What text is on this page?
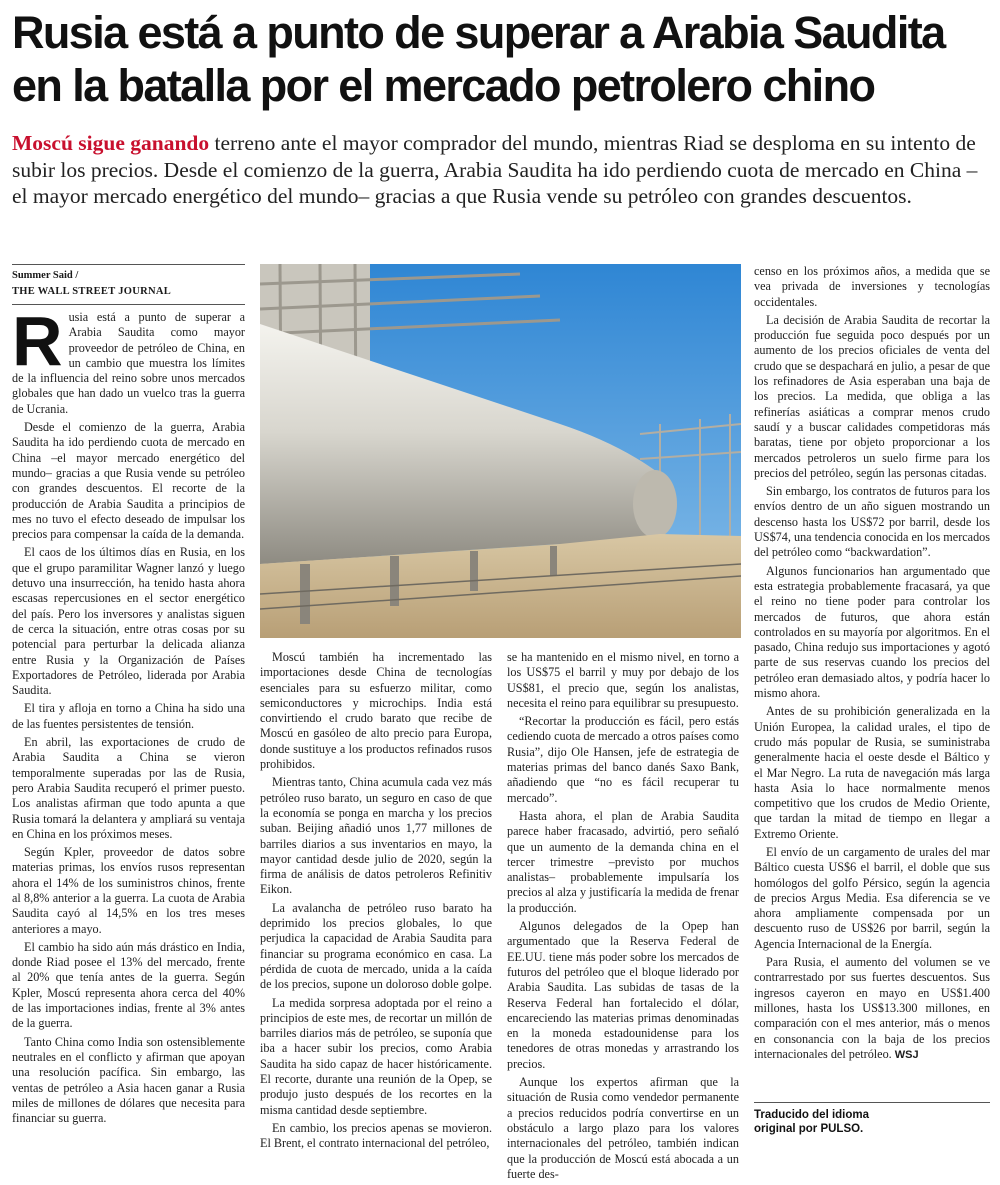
Rusia está a punto de superar a Arabia Saudita en la batalla por el mercado petrolero chino

Moscú sigue ganando terreno ante el mayor comprador del mundo, mientras Riad se desploma en su intento de subir los precios. Desde el comienzo de la guerra, Arabia Saudita ha ido perdiendo cuota de mercado en China –el mayor mercado energético del mundo– gracias a que Rusia vende su petróleo con grandes descuentos.

Summer Said /
THE WALL STREET JOURNAL

Rusia está a punto de superar a Arabia Saudita como mayor proveedor de petróleo de China, en un cambio que muestra los límites de la influencia del reino sobre unos mercados globales que han dado un vuelco tras la guerra de Ucrania.

Desde el comienzo de la guerra, Arabia Saudita ha ido perdiendo cuota de mercado en China –el mayor mercado energético del mundo– gracias a que Rusia vende su petróleo con grandes descuentos. El recorte de la producción de Arabia Saudita a principios de mes no tuvo el efecto deseado de impulsar los precios para compensar la caída de la demanda.

El caos de los últimos días en Rusia, en los que el grupo paramilitar Wagner lanzó y luego detuvo una insurrección, ha tenido hasta ahora escasas repercusiones en el sector energético del país. Pero los inversores y analistas siguen de cerca la situación, entre otras cosas por su potencial para perturbar la delicada alianza entre Rusia y la Organización de Países Exportadores de Petróleo, liderada por Arabia Saudita.

El tira y afloja en torno a China ha sido una de las fuentes persistentes de tensión.

En abril, las exportaciones de crudo de Arabia Saudita a China se vieron temporalmente superadas por las de Rusia, pero Arabia Saudita recuperó el primer puesto. Los analistas afirman que todo apunta a que Rusia tomará la delantera y ampliará su ventaja en China en los próximos meses.

Según Kpler, proveedor de datos sobre materias primas, los envíos rusos representan ahora el 14% de los suministros chinos, frente al 8,8% anterior a la guerra. La cuota de Arabia Saudita cayó al 14,5% en los tres meses anteriores a mayo.

El cambio ha sido aún más drástico en India, donde Riad posee el 13% del mercado, frente al 20% que tenía antes de la guerra. Según Kpler, Moscú representa ahora cerca del 40% de las importaciones indias, frente al 3% antes de la guerra.

Tanto China como India son ostensiblemente neutrales en el conflicto y afirman que apoyan una resolución pacífica. Sin embargo, las ventas de petróleo a Asia hacen ganar a Rusia miles de millones de dólares que necesita para financiar su guerra.

Moscú también ha incrementado las importaciones desde China de tecnologías esenciales para su esfuerzo militar, como semiconductores y microchips. India está convirtiendo el crudo barato que recibe de Moscú en gasóleo de alto precio para Europa, donde sustituye a los productos refinados rusos prohibidos.

Mientras tanto, China acumula cada vez más petróleo ruso barato, un seguro en caso de que la economía se ponga en marcha y los precios suban. Beijing añadió unos 1,77 millones de barriles diarios a sus inventarios en mayo, la mayor cantidad desde julio de 2020, según la firma de análisis de datos petroleros Refinitiv Eikon.

La avalancha de petróleo ruso barato ha deprimido los precios globales, lo que perjudica la capacidad de Arabia Saudita para financiar su programa económico en casa. La pérdida de cuota de mercado, unida a la caída de los precios, supone un doloroso doble golpe.

La medida sorpresa adoptada por el reino a principios de este mes, de recortar un millón de barriles diarios más de petróleo, se suponía que iba a hacer subir los precios, como Arabia Saudita ha sido capaz de hacer históricamente. El recorte, durante una reunión de la Opep, se produjo justo después de los recortes en la misma cantidad desde septiembre.

En cambio, los precios apenas se movieron. El Brent, el contrato internacional del petróleo,

se ha mantenido en el mismo nivel, en torno a los US$75 el barril y muy por debajo de los US$81, el precio que, según los analistas, necesita el reino para equilibrar su presupuesto.

“Recortar la producción es fácil, pero estás cediendo cuota de mercado a otros países como Rusia”, dijo Ole Hansen, jefe de estrategia de materias primas del banco danés Saxo Bank, añadiendo que “no es fácil recuperar tu mercado”.

Hasta ahora, el plan de Arabia Saudita parece haber fracasado, advirtió, pero señaló que un aumento de la demanda china en el tercer trimestre –previsto por muchos analistas– probablemente impulsaría los precios al alza y justificaría la medida de frenar la producción.

Algunos delegados de la Opep han argumentado que la Reserva Federal de EE.UU. tiene más poder sobre los mercados de futuros del petróleo que el bloque liderado por Arabia Saudita. Las subidas de tasas de la Reserva Federal han fortalecido el dólar, encareciendo las materias primas denominadas en la moneda estadounidense para los tenedores de otras monedas y arrastrando los precios.

Aunque los expertos afirman que la situación de Rusia como vendedor permanente a precios reducidos podría convertirse en un obstáculo a largo plazo para los valores internacionales del petróleo, también indican que la producción de Moscú está abocada a un fuerte des-

censo en los próximos años, a medida que se vea privada de inversiones y tecnologías occidentales.

La decisión de Arabia Saudita de recortar la producción fue seguida poco después por un aumento de los precios oficiales de venta del crudo que se despachará en julio, a pesar de que los refinadores de Asia esperaban una baja de los precios. La medida, que obliga a las refinerías asiáticas a comprar menos crudo saudí y a buscar calidades competidoras más baratas, tiene por objeto proporcionar a los mercados petroleros un suelo firme para los precios del petróleo, según las personas citadas.

Sin embargo, los contratos de futuros para los envíos dentro de un año siguen mostrando un descenso hasta los US$72 por barril, desde los US$74, una tendencia conocida en los mercados del petróleo como “backwardation”.

Algunos funcionarios han argumentado que esta estrategia probablemente fracasará, ya que el reino no tiene poder para controlar los mercados de futuros, que ahora están controlados en su mayoría por algoritmos. En el pasado, China redujo sus importaciones y agotó parte de sus reservas cuando los precios del petróleo eran demasiado altos, y podría hacer lo mismo ahora.

Antes de su prohibición generalizada en la Unión Europea, la calidad urales, el tipo de crudo más popular de Rusia, se suministraba generalmente hacia el oeste desde el Báltico y el Mar Negro. La ruta de navegación más larga hasta Asia lo hace normalmente menos competitivo que los crudos de Medio Oriente, que tardan la mitad de tiempo en llegar a Extremo Oriente.

El envío de un cargamento de urales del mar Báltico cuesta US$6 el barril, el doble que sus homólogos del golfo Pérsico, según la agencia de precios Argus Media. Esa diferencia se ve ahora ampliamente compensada por un descuento ruso de US$26 por barril, según la Agencia Internacional de la Energía.

Para Rusia, el aumento del volumen se ve contrarrestado por sus fuertes descuentos. Sus ingresos cayeron en mayo en US$1.400 millones, hasta los US$13.300 millones, en comparación con el mes anterior, más o menos en consonancia con la baja de los precios internacionales del petróleo. WSJ

Traducido del idioma
original por PULSO.
